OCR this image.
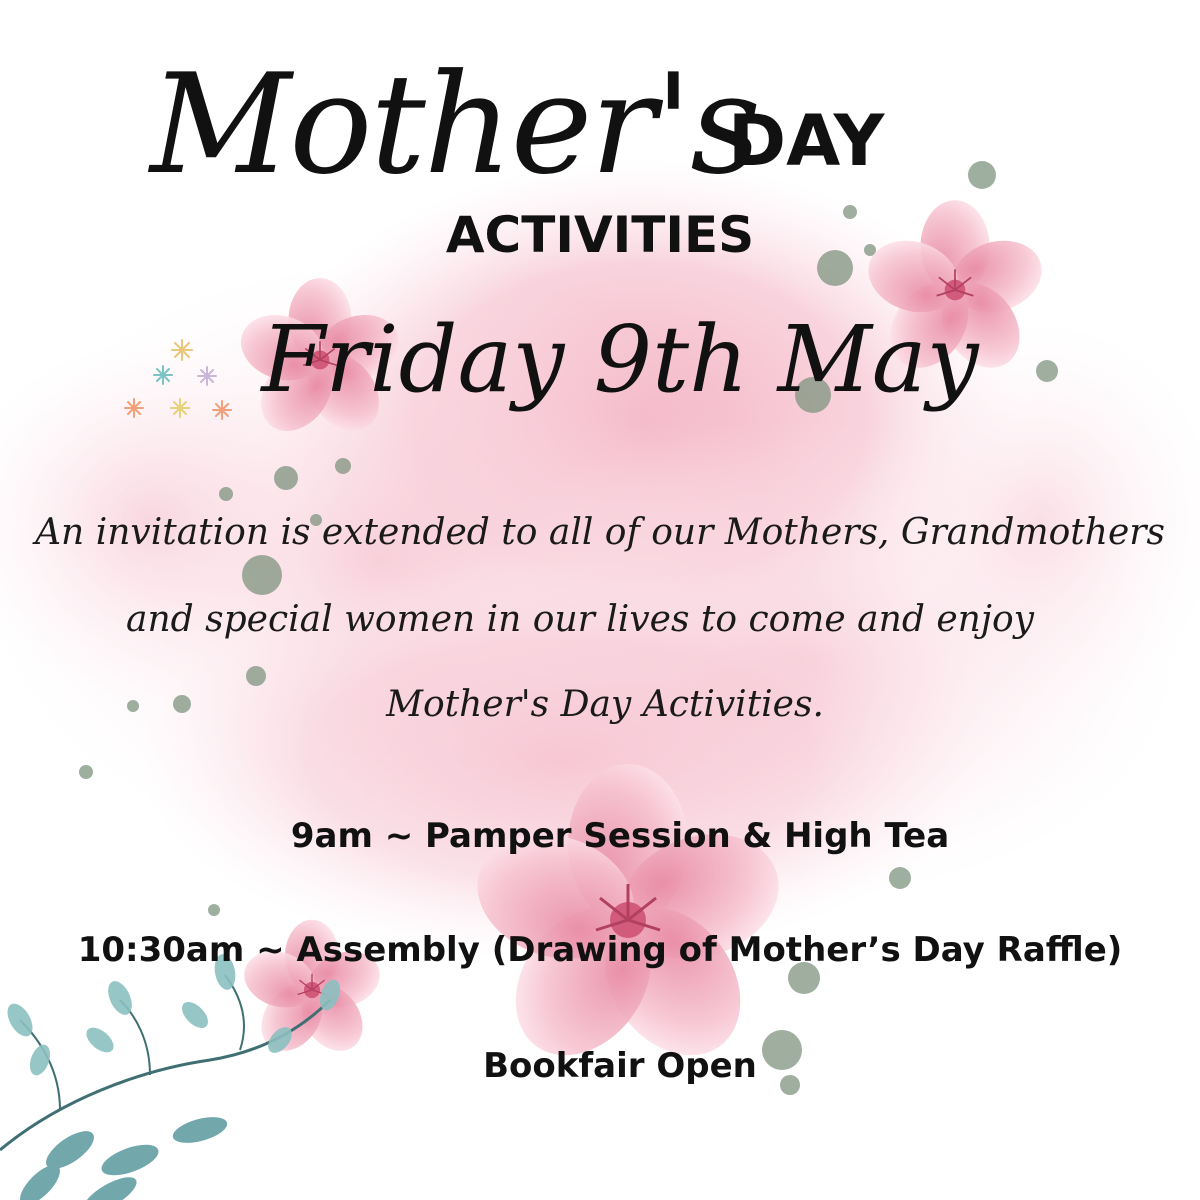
Mother's
DAY
ACTIVITIES
Friday 9th May
An invitation is extended to all of our Mothers, Grandmothers
and special women in our lives to come and enjoy
Mother's Day Activities.
9am ~ Pamper Session & High Tea
10:30am ~ Assembly (Drawing of Mother’s Day Raffle)
Bookfair Open
